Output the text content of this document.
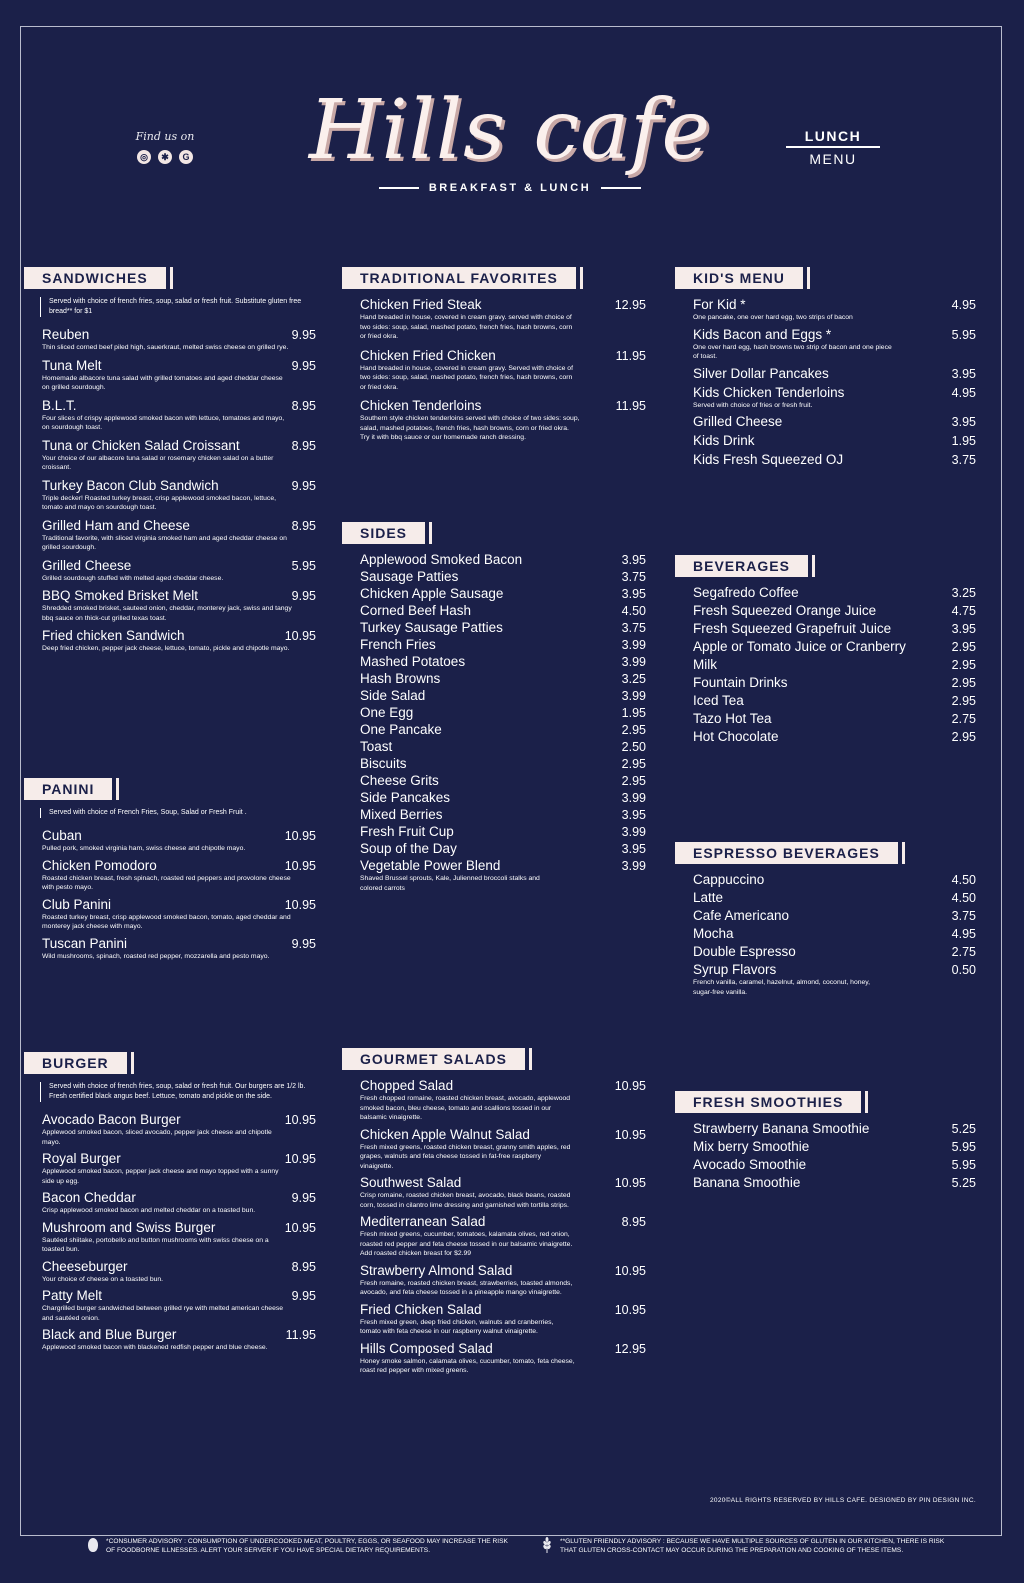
Find us on
◎	✱	G Hills cafe
BREAKFAST & LUNCH
LUNCH
MENU
SANDWICHES
Served with choice of french fries, soup, salad or fresh fruit. Substitute gluten free bread** for $1
Reuben	9.95
Thin sliced corned beef piled high, sauerkraut, melted swiss cheese on grilled rye.
Tuna Melt	9.95
Homemade albacore tuna salad with grilled tomatoes and aged cheddar cheese on grilled sourdough.
B.L.T.	8.95
Four slices of crispy applewood smoked bacon with lettuce, tomatoes and mayo, on sourdough toast.
Tuna or Chicken Salad Croissant	8.95
Your choice of our albacore tuna salad or rosemary chicken salad on a butter croissant.
Turkey Bacon Club Sandwich	9.95
Triple decker! Roasted turkey breast, crisp applewood smoked bacon, lettuce, tomato and mayo on sourdough toast.
Grilled Ham and Cheese	8.95
Traditional favorite, with sliced virginia smoked ham and aged cheddar cheese on grilled sourdough.
Grilled Cheese	5.95
Grilled sourdough stuffed with melted aged cheddar cheese.
BBQ Smoked Brisket Melt	9.95
Shredded smoked brisket, sauteed onion, cheddar, monterey jack, swiss and tangy bbq sauce on thick-cut grilled texas toast.
Fried chicken Sandwich	10.95
Deep fried chicken, pepper jack cheese, lettuce, tomato, pickle and chipotle mayo.
PANINI
Served with choice of French Fries, Soup, Salad or Fresh Fruit .
Cuban	10.95
Pulled pork, smoked virginia ham, swiss cheese and chipotle mayo.
Chicken Pomodoro	10.95
Roasted chicken breast, fresh spinach, roasted red peppers and provolone cheese with pesto mayo.
Club Panini	10.95
Roasted turkey breast, crisp applewood smoked bacon, tomato, aged cheddar and monterey jack cheese with mayo.
Tuscan Panini	9.95
Wild mushrooms, spinach, roasted red pepper, mozzarella and pesto mayo.
BURGER
Served with choice of french fries, soup, salad or fresh fruit. Our burgers are 1/2 lb. Fresh certified black angus beef. Lettuce, tomato and pickle on the side.
Avocado Bacon Burger	10.95
Applewood smoked bacon, sliced avocado, pepper jack cheese and chipotle mayo.
Royal Burger	10.95
Applewood smoked bacon, pepper jack cheese and mayo topped with a sunny side up egg.
Bacon Cheddar	9.95
Crisp applewood smoked bacon and melted cheddar on a toasted bun.
Mushroom and Swiss Burger	10.95
Sautéed shiitake, portobello and button mushrooms with swiss cheese on a toasted bun.
Cheeseburger	8.95
Your choice of cheese on a toasted bun.
Patty Melt	9.95
Chargrilled burger sandwiched between grilled rye with melted american cheese and sautéed onion.
Black and Blue Burger	11.95
Applewood smoked bacon with blackened redfish pepper and blue cheese.
TRADITIONAL FAVORITES
Chicken Fried Steak	12.95
Hand breaded in house, covered in cream gravy. served with choice of two sides: soup, salad, mashed potato, french fries, hash browns, corn or fried okra.
Chicken Fried Chicken	11.95
Hand breaded in house, covered in cream gravy. Served with choice of two sides: soup, salad, mashed potato, french fries, hash browns, corn or fried okra.
Chicken Tenderloins	11.95
Southern style chicken tenderloins served with choice of two sides: soup, salad, mashed potatoes, french fries, hash browns, corn or fried okra. Try it with bbq sauce or our homemade ranch dressing.
SIDES
Applewood Smoked Bacon	3.95
Sausage Patties	3.75
Chicken Apple Sausage	3.95
Corned Beef Hash	4.50
Turkey Sausage Patties	3.75
French Fries	3.99
Mashed Potatoes	3.99
Hash Browns	3.25
Side Salad	3.99
One Egg	1.95
One Pancake	2.95
Toast	2.50
Biscuits	2.95
Cheese Grits	2.95
Side Pancakes	3.99
Mixed Berries	3.95
Fresh Fruit Cup	3.99
Soup of the Day	3.95
Vegetable Power Blend	3.99
Shaved Brussel sprouts, Kale, Julienned broccoli stalks and colored carrots
GOURMET SALADS
Chopped Salad	10.95
Fresh chopped romaine, roasted chicken breast, avocado, applewood smoked bacon, bleu cheese, tomato and scallions tossed in our balsamic vinaigrette.
Chicken Apple Walnut Salad	10.95
Fresh mixed greens, roasted chicken breast, granny smith apples, red grapes, walnuts and feta cheese tossed in fat-free raspberry vinaigrette.
Southwest Salad	10.95
Crisp romaine, roasted chicken breast, avocado, black beans, roasted corn, tossed in cilantro lime dressing and garnished with tortilla strips.
Mediterranean Salad	8.95
Fresh mixed greens, cucumber, tomatoes, kalamata olives, red onion, roasted red pepper and feta cheese tossed in our balsamic vinaigrette. Add roasted chicken breast for $2.99
Strawberry Almond Salad	10.95
Fresh romaine, roasted chicken breast, strawberries, toasted almonds, avocado, and feta cheese tossed in a pineapple mango vinaigrette.
Fried Chicken Salad	10.95
Fresh mixed green, deep fried chicken, walnuts and cranberries, tomato with feta cheese in our raspberry walnut vinaigrette.
Hills Composed Salad	12.95
Honey smoke salmon, calamata olives, cucumber, tomato, feta cheese, roast red pepper with mixed greens.
KID'S MENU
For Kid *	4.95
One pancake, one over hard egg, two strips of bacon
Kids Bacon and Eggs *	5.95
One over hard egg, hash browns two strip of bacon and one piece of toast.
Silver Dollar Pancakes	3.95
Kids Chicken Tenderloins	4.95
Served with choice of fries or fresh fruit.
Grilled Cheese	3.95
Kids Drink	1.95
Kids Fresh Squeezed OJ	3.75
BEVERAGES
Segafredo Coffee	3.25
Fresh Squeezed Orange Juice	4.75
Fresh Squeezed Grapefruit Juice	3.95
Apple or Tomato Juice or Cranberry	2.95
Milk	2.95
Fountain Drinks	2.95
Iced Tea	2.95
Tazo Hot Tea	2.75
Hot Chocolate	2.95
ESPRESSO BEVERAGES
Cappuccino	4.50
Latte	4.50
Cafe Americano	3.75
Mocha	4.95
Double Espresso	2.75
Syrup Flavors	0.50
French vanilla, caramel, hazelnut, almond, coconut, honey, sugar-free vanilla.
FRESH SMOOTHIES
Strawberry Banana Smoothie	5.25
Mix berry Smoothie	5.95
Avocado Smoothie	5.95
Banana Smoothie	5.25
2020©ALL RIGHTS RESERVED BY HILLS CAFE. DESIGNED BY PIN DESIGN INC.
*CONSUMER ADVISORY : CONSUMPTION OF UNDERCOOKED MEAT, POULTRY, EGGS, OR SEAFOOD MAY INCREASE THE RISK OF FOODBORNE ILLNESSES. ALERT YOUR SERVER IF YOU HAVE SPECIAL DIETARY REQUIREMENTS.
**GLUTEN FRIENDLY ADVISORY : BECAUSE WE HAVE MULTIPLE SOURCES OF GLUTEN IN OUR KITCHEN, THERE IS RISK THAT GLUTEN CROSS-CONTACT MAY OCCUR DURING THE PREPARATION AND COOKING OF THESE ITEMS.
